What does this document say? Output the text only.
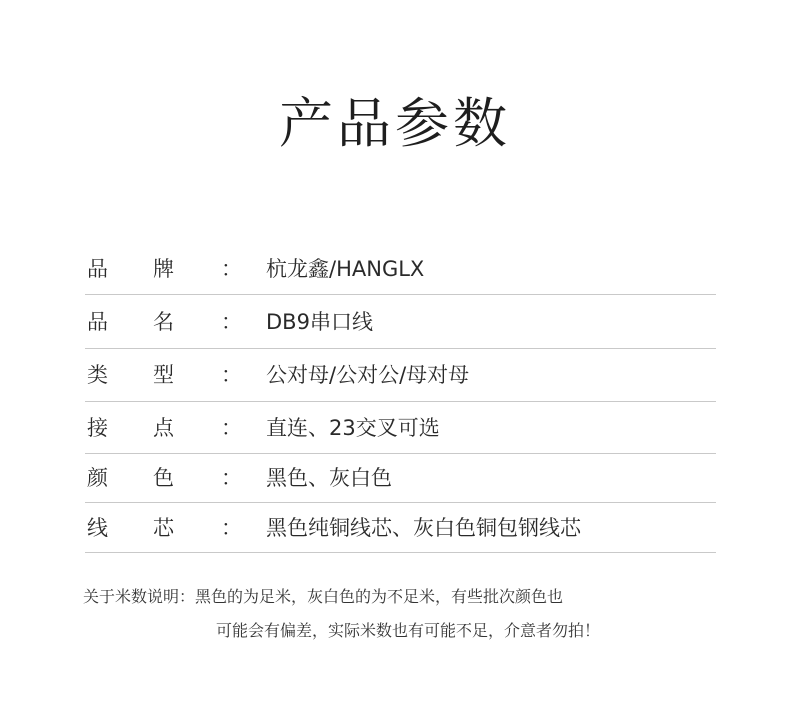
产品参数
品 牌 ： 杭龙鑫/HANGLX
品 名 ： DB9串口线
类 型 ： 公对母/公对公/母对母
接 点 ： 直连、23交叉可选
颜 色 ： 黑色、灰白色
线 芯 ： 黑色纯铜线芯、灰白色铜包钢线芯
关于米数说明：黑色的为足米，灰白色的为不足米，有些批次颜色也
可能会有偏差，实际米数也有可能不足，介意者勿拍！
